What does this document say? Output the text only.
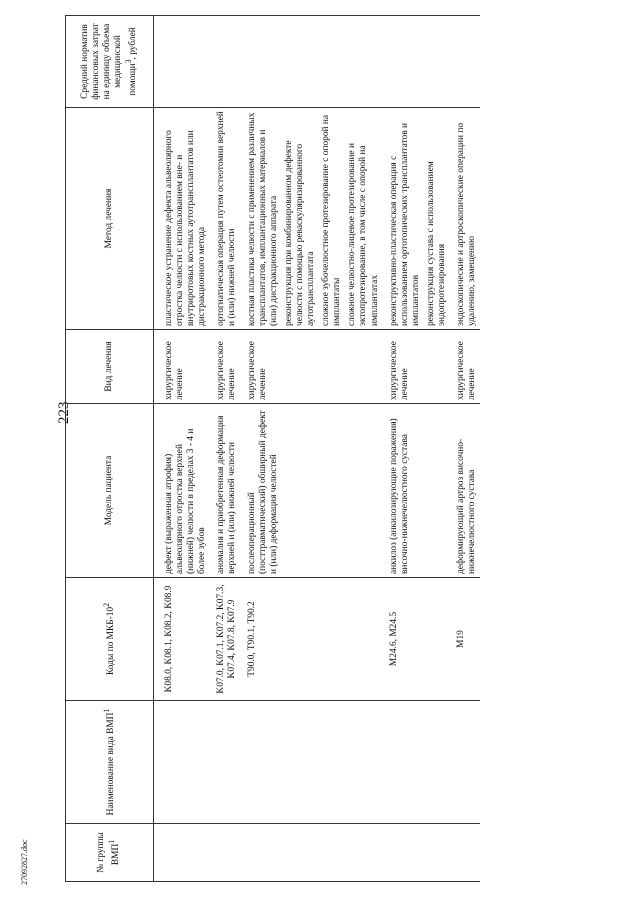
223
27092827.doc	№ группы ВМП$^1$	Наименование вида ВМП$^1$	Коды по МКБ-$10^2$	Модель пациента	Вид лечения	Метод лечения	Средний норматив финансовых затрат на единицу объема медицинской помощи$^3$, рублей
		K08.0, K08.1, K08.2, K08.9	дефект (выраженная атрофия) альвеолярного отростка верхней (нижней) челюсти в пределах 3 - 4 и более зубов	хирургическое лечение	пластическое устранение дефекта альвеолярного отростка челюсти с использованием вне- и внутриротовых костных аутотрансплантатов или дистракционного метода	

		K07.0, K07.1, K07.2, K07.3, K07.4, K07.8, K07.9	аномалия и приобретенная деформация верхней и (или) нижней челюсти	хирургическое лечение	ортогнатическая операция путем остеотомии верхней и (или) нижней челюсти	

		T90.0, T90.1, T90.2	послеоперационный (посттравматический) обширный дефект и (или) деформация челюстей	хирургическое лечение	костная пластика челюсти с применением различных трансплантатов, имплантационных материалов и (или) дистракционного аппарата реконструкция при комбинированном дефекте челюсти с помощью реваскуляризированного аутотрансплантата сложное зубочелюстное протезирование с опорой на имплантаты сложное челюстно-лицевое протезирование и эктопротезирование, в том числе с опорой на имплантатах	

		M24.6, M24.5	анкилоз (анкилозирующие поражения) височно-нижнечелюстного сустава	хирургическое лечение	реконструктивно-пластическая операция с использованием ортотопических трансплантатов и имплантатов реконструкция сустава с использованием эндопротезирования	

		M19	деформирующий артроз височно-нижнечелюстного сустава	хирургическое лечение	эндоскопические и артроскопические операции по удалению, замещению	
